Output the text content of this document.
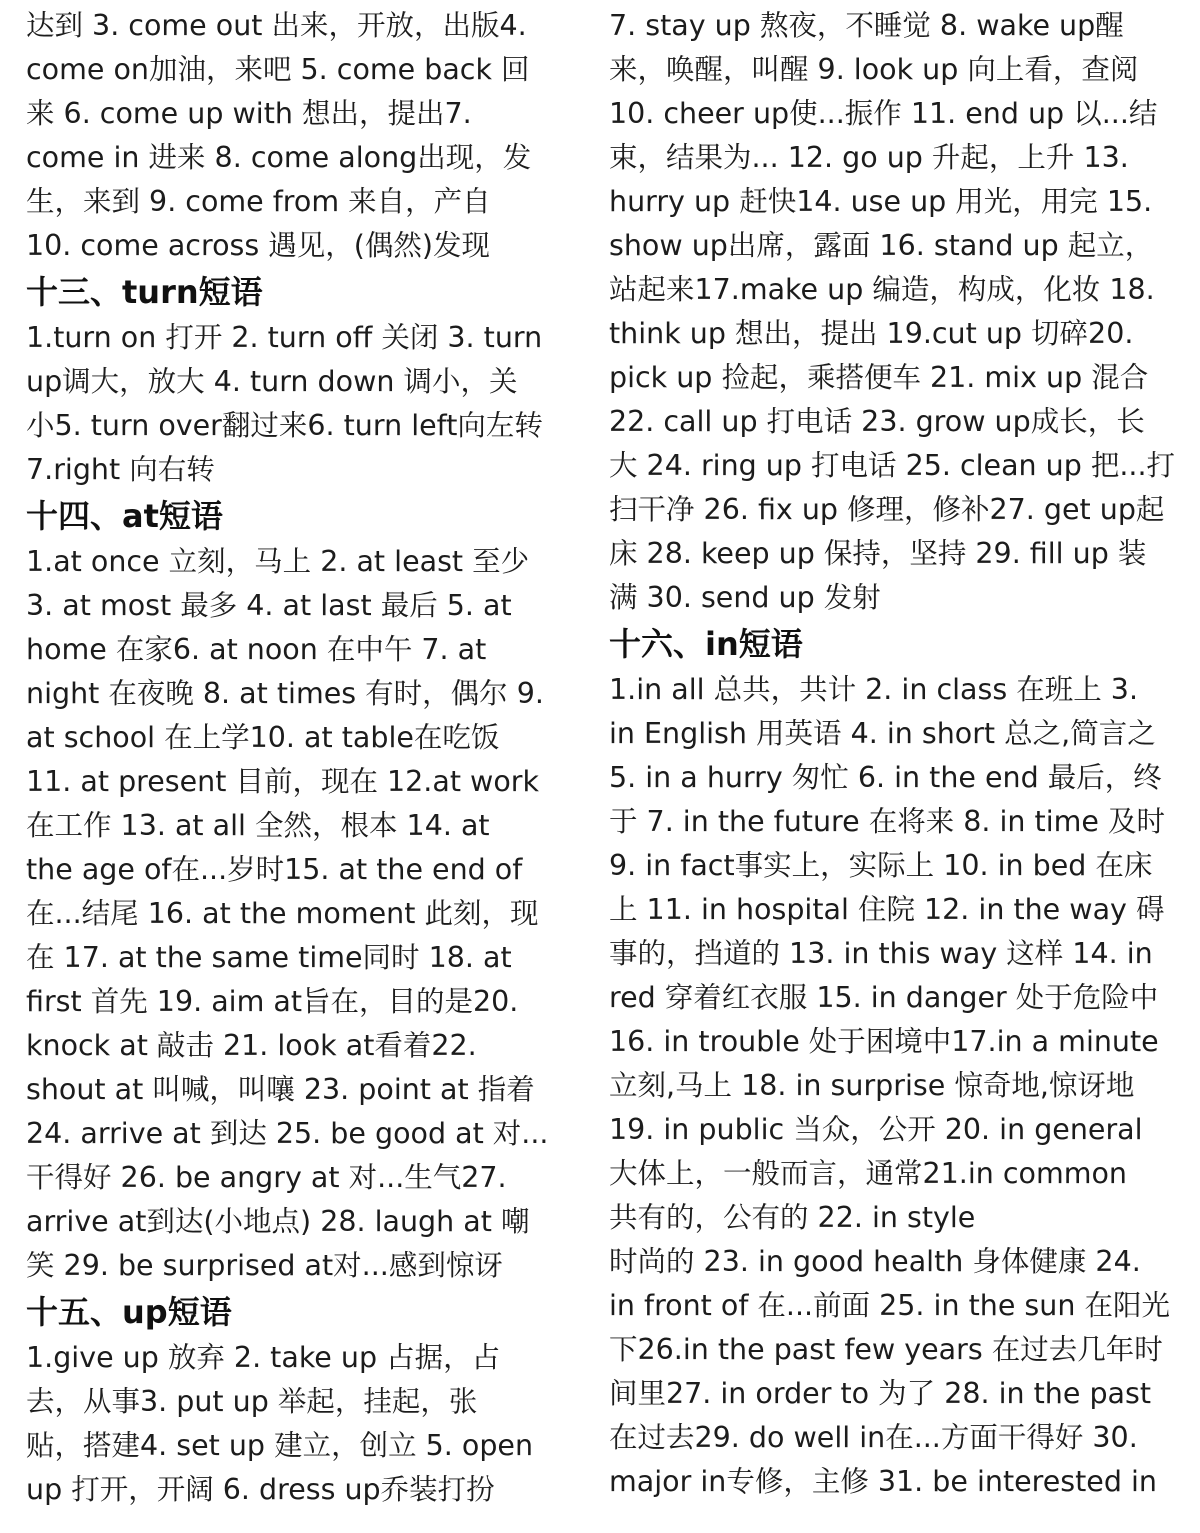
达到 3. come out 出来，开放，出版4.
come on加油，来吧 5. come back 回
来 6. come up with 想出，提出7.
come in 进来 8. come along出现，发
生，来到 9. come from 来自，产自
10. come across 遇见，(偶然)发现
十三、turn短语
1.turn on 打开 2. turn off 关闭 3. turn
up调大，放大 4. turn down 调小，关
小5. turn over翻过来6. turn left向左转
7.right 向右转
十四、at短语
1.at once 立刻，马上 2. at least 至少
3. at most 最多 4. at last 最后 5. at
home 在家6. at noon 在中午 7. at
night 在夜晚 8. at times 有时，偶尔 9.
at school 在上学10. at table在吃饭
11. at present 目前，现在 12.at work
在工作 13. at all 全然，根本 14. at
the age of在...岁时15. at the end of
在...结尾 16. at the moment 此刻，现
在 17. at the same time同时 18. at
first 首先 19. aim at旨在，目的是20.
knock at 敲击 21. look at看着22.
shout at 叫喊，叫嚷 23. point at 指着
24. arrive at 到达 25. be good at 对...
干得好 26. be angry at 对...生气27.
arrive at到达(小地点) 28. laugh at 嘲
笑 29. be surprised at对...感到惊讶
十五、up短语
1.give up 放弃 2. take up 占据，占
去，从事3. put up 举起，挂起，张
贴，搭建4. set up 建立，创立 5. open
up 打开，开阔 6. dress up乔装打扮
7. stay up 熬夜，不睡觉 8. wake up醒
来，唤醒，叫醒 9. look up 向上看，查阅
10. cheer up使...振作 11. end up 以...结
束，结果为... 12. go up 升起，上升 13.
hurry up 赶快14. use up 用光，用完 15.
show up出席，露面 16. stand up 起立，
站起来17.make up 编造，构成，化妆 18.
think up 想出，提出 19.cut up 切碎20.
pick up 捡起，乘搭便车 21. mix up 混合
22. call up 打电话 23. grow up成长，长
大 24. ring up 打电话 25. clean up 把...打
扫干净 26. fix up 修理，修补27. get up起
床 28. keep up 保持，坚持 29. fill up 装
满 30. send up 发射
十六、in短语
1.in all 总共，共计 2. in class 在班上 3.
in English 用英语 4. in short 总之,简言之
5. in a hurry 匆忙 6. in the end 最后，终
于 7. in the future 在将来 8. in time 及时
9. in fact事实上，实际上 10. in bed 在床
上 11. in hospital 住院 12. in the way 碍
事的，挡道的 13. in this way 这样 14. in
red 穿着红衣服 15. in danger 处于危险中
16. in trouble 处于困境中17.in a minute
立刻,马上 18. in surprise 惊奇地,惊讶地
19. in public 当众，公开 20. in general
大体上，一般而言，通常21.in common
共有的，公有的 22. in style
时尚的 23. in good health 身体健康 24.
in front of 在...前面 25. in the sun 在阳光
下26.in the past few years 在过去几年时
间里27. in order to 为了 28. in the past
在过去29. do well in在...方面干得好 30.
major in专修，主修 31. be interested in
